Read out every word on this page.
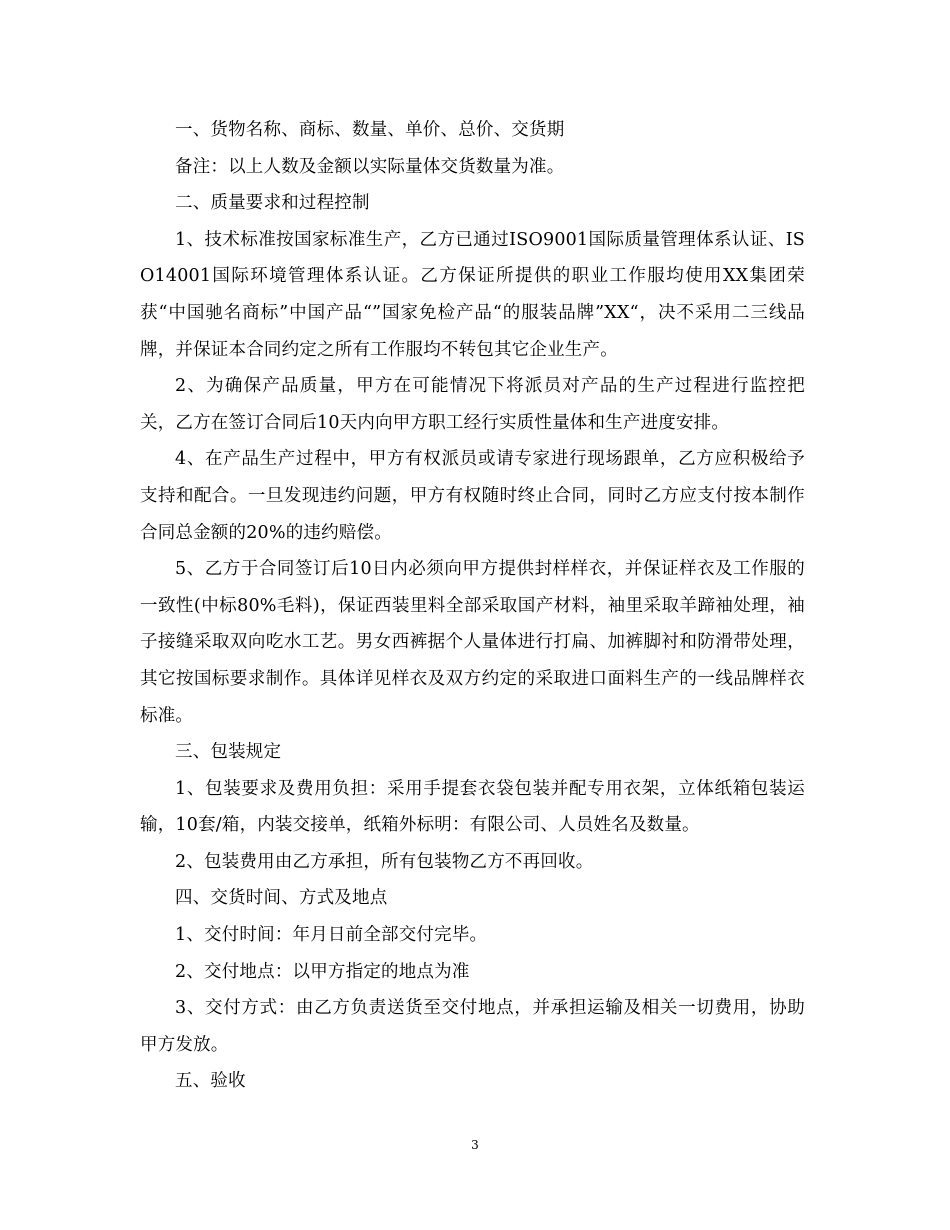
一、货物名称、商标、数量、单价、总价、交货期

备注：以上人数及金额以实际量体交货数量为准。

二、质量要求和过程控制

1、技术标准按国家标准生产，乙方已通过ISO9001国际质量管理体系认证、ISO14001国际环境管理体系认证。乙方保证所提供的职业工作服均使用XX集团荣获“中国驰名商标”中国产品“”国家免检产品“的服装品牌”XX“，决不采用二三线品牌，并保证本合同约定之所有工作服均不转包其它企业生产。

2、为确保产品质量，甲方在可能情况下将派员对产品的生产过程进行监控把关，乙方在签订合同后10天内向甲方职工经行实质性量体和生产进度安排。

4、在产品生产过程中，甲方有权派员或请专家进行现场跟单，乙方应积极给予支持和配合。一旦发现违约问题，甲方有权随时终止合同，同时乙方应支付按本制作合同总金额的20%的违约赔偿。

5、乙方于合同签订后10日内必须向甲方提供封样样衣，并保证样衣及工作服的一致性(中标80%毛料)，保证西装里料全部采取国产材料，袖里采取羊蹄袖处理，袖子接缝采取双向吃水工艺。男女西裤据个人量体进行打扁、加裤脚衬和防滑带处理，其它按国标要求制作。具体详见样衣及双方约定的采取进口面料生产的一线品牌样衣标准。

三、包装规定

1、包装要求及费用负担：采用手提套衣袋包装并配专用衣架，立体纸箱包装运输，10套/箱，内装交接单，纸箱外标明：有限公司、人员姓名及数量。

2、包装费用由乙方承担，所有包装物乙方不再回收。

四、交货时间、方式及地点

1、交付时间：年月日前全部交付完毕。

2、交付地点：以甲方指定的地点为准

3、交付方式：由乙方负责送货至交付地点，并承担运输及相关一切费用，协助甲方发放。

五、验收

3
